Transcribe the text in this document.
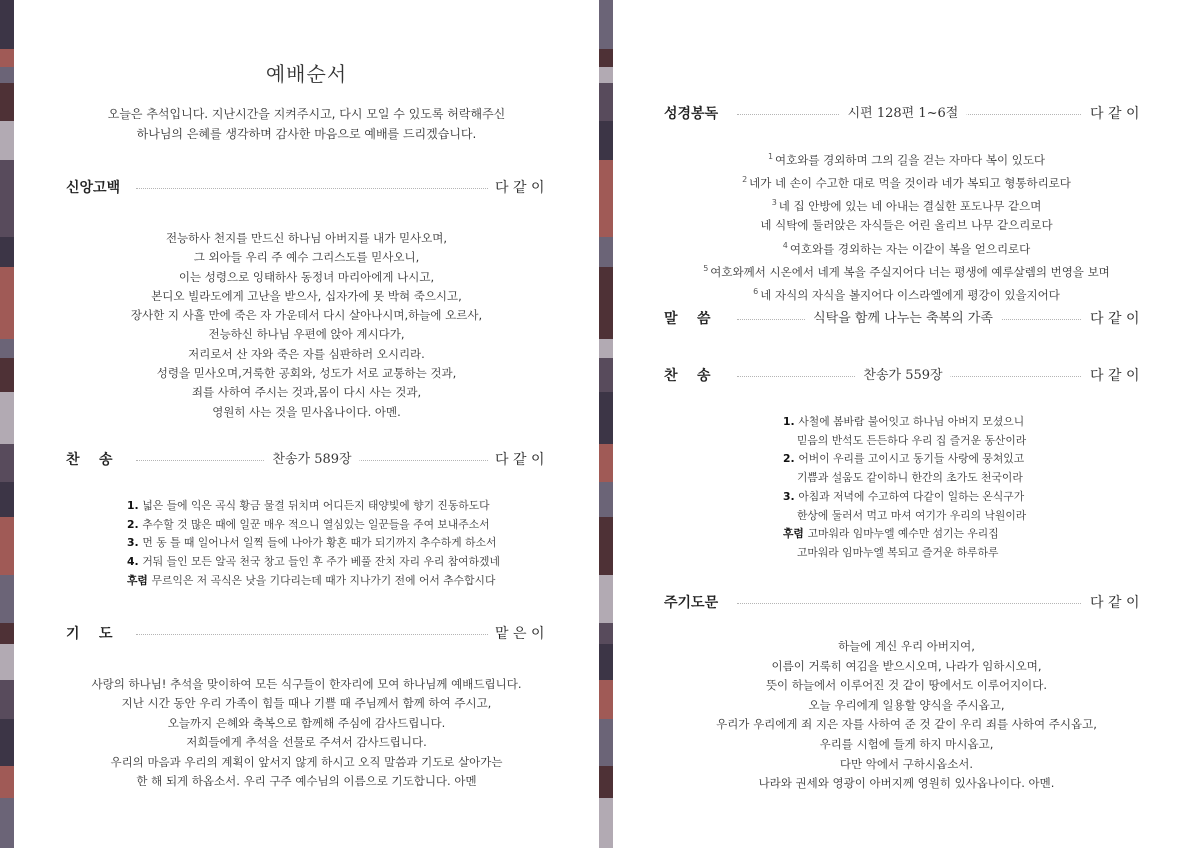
예배순서
오늘은 추석입니다. 지난시간을 지켜주시고, 다시 모일 수 있도록 허락해주신
하나님의 은혜를 생각하며 감사한 마음으로 예배를 드리겠습니다.
신앙고백	다 같 이
전능하사 천지를 만드신 하나님 아버지를 내가 믿사오며,
그 외아들 우리 주 예수 그리스도를 믿사오니,
이는 성령으로 잉태하사 동정녀 마리아에게 나시고,
본디오 빌라도에게 고난을 받으사, 십자가에 못 박혀 죽으시고,
장사한 지 사흘 만에 죽은 자 가운데서 다시 살아나시며,하늘에 오르사,
전능하신 하나님 우편에 앉아 계시다가,
저리로서 산 자와 죽은 자를 심판하러 오시리라.
성령을 믿사오며,거룩한 공회와, 성도가 서로 교통하는 것과,
죄를 사하여 주시는 것과,몸이 다시 사는 것과,
영원히 사는 것을 믿사옵나이다. 아멘.
찬    송	찬송가 589장	다 같 이
1. 넓은 들에 익은 곡식 황금 물결 뒤치며 어디든지 태양빛에 향기 진동하도다
2. 추수할 것 많은 때에 일꾼 매우 적으니 열심있는 일꾼들을 주여 보내주소서
3. 먼 동 틀 때 일어나서 일찍 들에 나아가 황혼 때가 되기까지 추수하게 하소서
4. 거둬 들인 모든 알곡 천국 창고 들인 후 주가 베풀 잔치 자리 우리 참여하겠네
후렴 무르익은 저 곡식은 낫을 기다리는데 때가 지나가기 전에 어서 추수합시다
기    도	맡 은 이
사랑의 하나님! 추석을 맞이하여 모든 식구들이 한자리에 모여 하나님께 예배드립니다.
지난 시간 동안 우리 가족이 힘들 때나 기쁠 때 주님께서 함께 하여 주시고,
오늘까지 은혜와 축복으로 함께해 주심에 감사드립니다.
저희들에게 추석을 선물로 주셔서 감사드립니다.
우리의 마음과 우리의 계획이 앞서지 않게 하시고 오직 말씀과 기도로 살아가는
한 해 되게 하옵소서. 우리 구주 예수님의 이름으로 기도합니다. 아멘
성경봉독	시편 128편 1~6절	다 같 이
$^1$ 여호와를 경외하며 그의 길을 걷는 자마다 복이 있도다
$^2$ 네가 네 손이 수고한 대로 먹을 것이라 네가 복되고 형통하리로다
$^3$ 네 집 안방에 있는 네 아내는 결실한 포도나무 같으며
네 식탁에 둘러앉은 자식들은 어린 올리브 나무 같으리로다
$^4$ 여호와를 경외하는 자는 이같이 복을 얻으리로다
$^5$ 여호와께서 시온에서 네게 복을 주실지어다 너는 평생에 예루살렘의 번영을 보며
$^6$ 네 자식의 자식을 볼지어다 이스라엘에게 평강이 있을지어다
말    씀	식탁을 함께 나누는 축복의 가족	다 같 이
찬    송	찬송가 559장	다 같 이
1. 사철에 봄바람 불어잇고 하나님 아버지 모셨으니
믿음의 반석도 든든하다 우리 집 즐거운 동산이라
2. 어버이 우리를 고이시고 동기들 사랑에 뭉쳐있고
기쁨과 설움도 같이하니 한간의 초가도 천국이라
3. 아침과 저녁에 수고하여 다같이 일하는 온식구가
한상에 둘러서 먹고 마셔 여기가 우리의 낙원이라
후렴 고마워라 임마누엘 예수만 섬기는 우리집
고마워라 임마누엘 복되고 즐거운 하루하루
주기도문	다 같 이
하늘에 계신 우리 아버지여,
이름이 거룩히 여김을 받으시오며, 나라가 임하시오며,
뜻이 하늘에서 이루어진 것 같이 땅에서도 이루어지이다.
오늘 우리에게 일용할 양식을 주시옵고,
우리가 우리에게 죄 지은 자를 사하여 준 것 같이 우리 죄를 사하여 주시옵고,
우리를 시험에 들게 하지 마시옵고,
다만 악에서 구하시옵소서.
나라와 권세와 영광이 아버지께 영원히 있사옵나이다. 아멘.
